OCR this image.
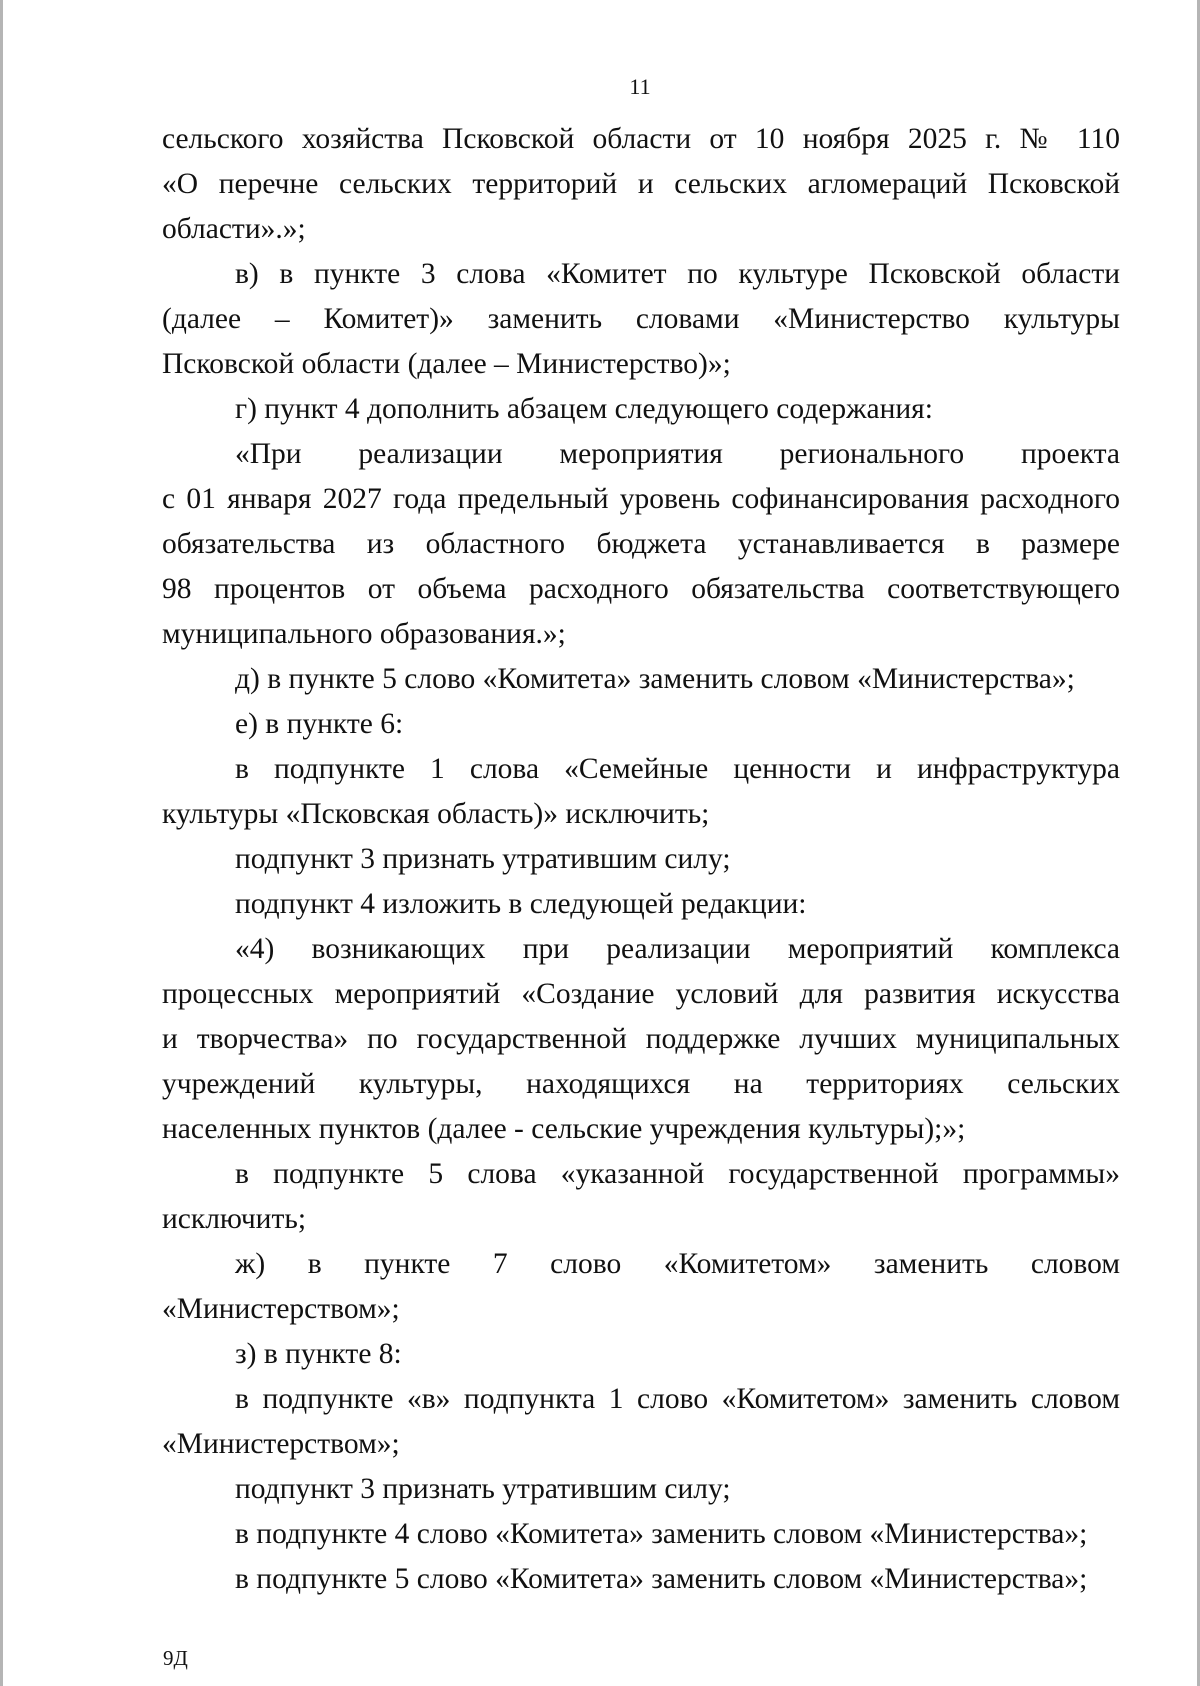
11
сельского хозяйства Псковской области от 10 ноября 2025 г. № 110
«О перечне сельских территорий и сельских агломераций Псковской
области».»;
в) в пункте 3 слова «Комитет по культуре Псковской области
(далее – Комитет)» заменить словами «Министерство культуры
Псковской области (далее – Министерство)»;
г) пункт 4 дополнить абзацем следующего содержания:
«При реализации мероприятия регионального проекта
с 01 января 2027 года предельный уровень софинансирования расходного
обязательства из областного бюджета устанавливается в размере
98 процентов от объема расходного обязательства соответствующего
муниципального образования.»;
д) в пункте 5 слово «Комитета» заменить словом «Министерства»;
е) в пункте 6:
в подпункте 1 слова «Семейные ценности и инфраструктура
культуры «Псковская область)» исключить;
подпункт 3 признать утратившим силу;
подпункт 4 изложить в следующей редакции:
«4) возникающих при реализации мероприятий комплекса
процессных мероприятий «Создание условий для развития искусства
и творчества» по государственной поддержке лучших муниципальных
учреждений культуры, находящихся на территориях сельских
населенных пунктов (далее - сельские учреждения культуры);»;
в подпункте 5 слова «указанной государственной программы»
исключить;
ж) в пункте 7 слово «Комитетом» заменить словом
«Министерством»;
з) в пункте 8:
в подпункте «в» подпункта 1 слово «Комитетом» заменить словом
«Министерством»;
подпункт 3 признать утратившим силу;
в подпункте 4 слово «Комитета» заменить словом «Министерства»;
в подпункте 5 слово «Комитета» заменить словом «Министерства»;
9Д
